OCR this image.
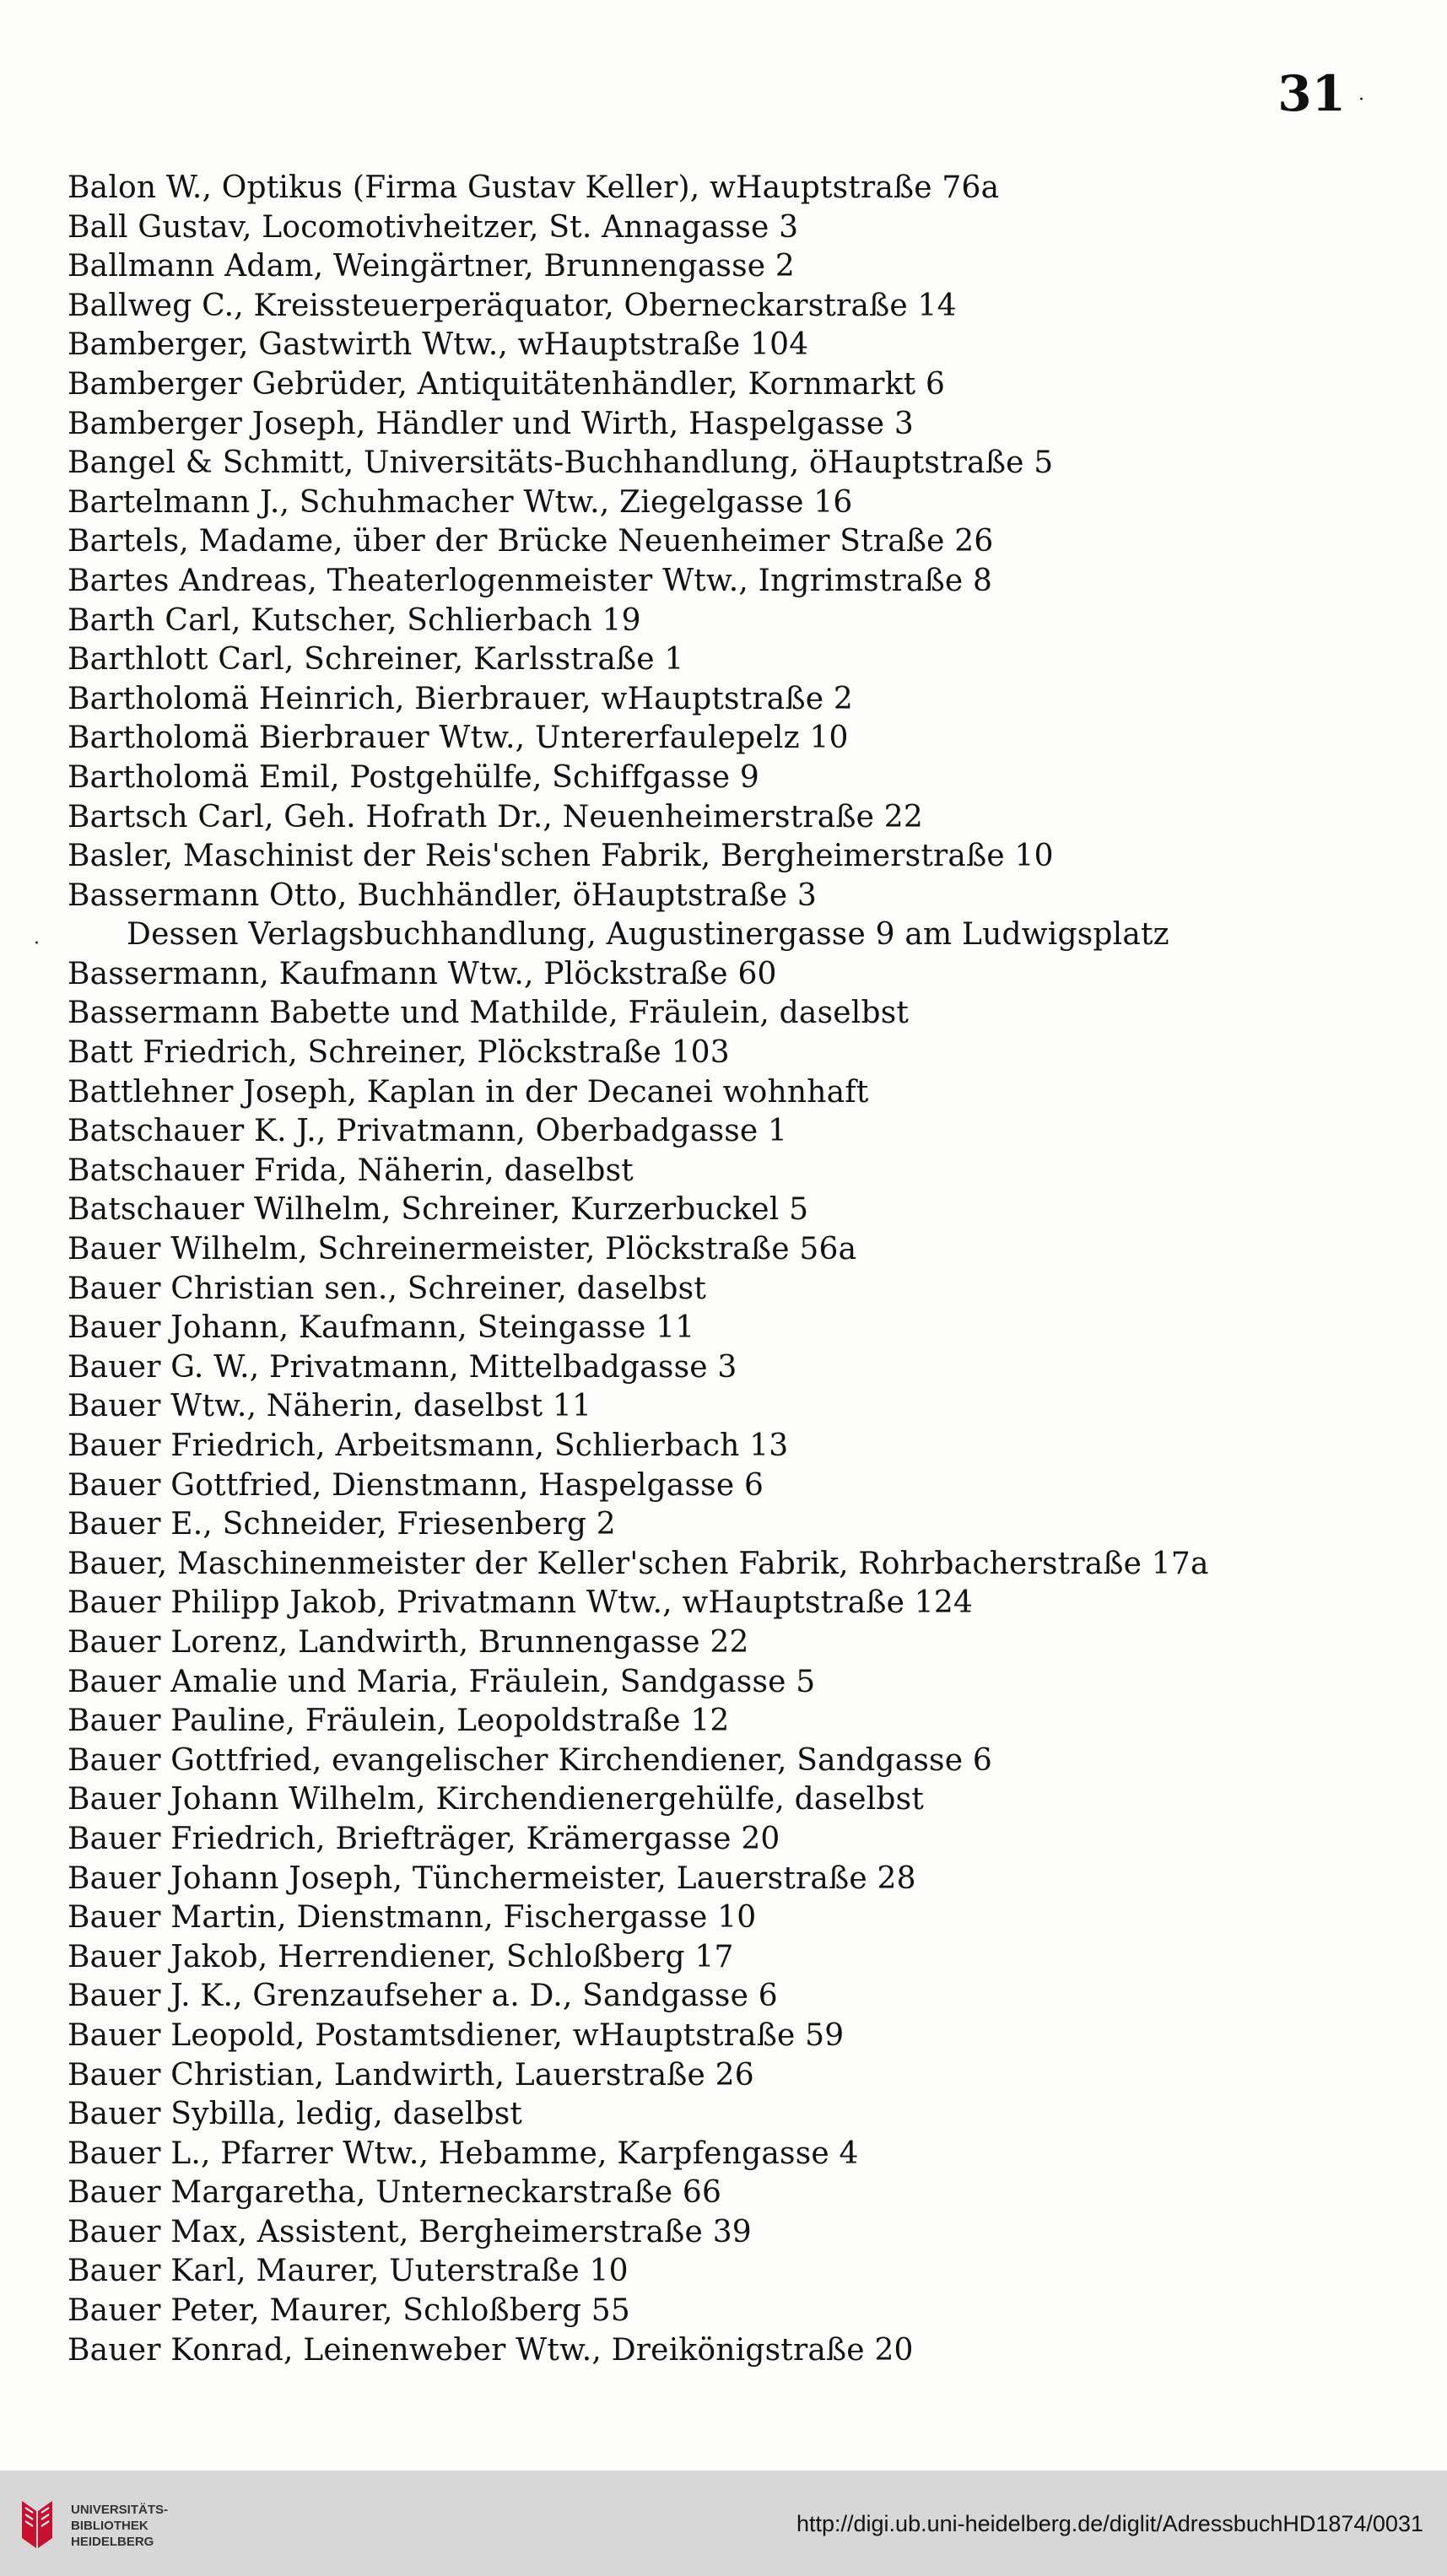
31 ·
·
Balon W., Optikus (Firma Gustav Keller), wHauptstraße 76a
Ball Gustav, Locomotivheitzer, St. Annagasse 3
Ballmann Adam, Weingärtner, Brunnengasse 2
Ballweg C., Kreissteuerperäquator, Oberneckarstraße 14
Bamberger, Gastwirth Wtw., wHauptstraße 104
Bamberger Gebrüder, Antiquitätenhändler, Kornmarkt 6
Bamberger Joseph, Händler und Wirth, Haspelgasse 3
Bangel & Schmitt, Universitäts-Buchhandlung, öHauptstraße 5
Bartelmann J., Schuhmacher Wtw., Ziegelgasse 16
Bartels, Madame, über der Brücke Neuenheimer Straße 26
Bartes Andreas, Theaterlogenmeister Wtw., Ingrimstraße 8
Barth Carl, Kutscher, Schlierbach 19
Barthlott Carl, Schreiner, Karlsstraße 1
Bartholomä Heinrich, Bierbrauer, wHauptstraße 2
Bartholomä Bierbrauer Wtw., Untererfaulepelz 10
Bartholomä Emil, Postgehülfe, Schiffgasse 9
Bartsch Carl, Geh. Hofrath Dr., Neuenheimerstraße 22
Basler, Maschinist der Reis'schen Fabrik, Bergheimerstraße 10
Bassermann Otto, Buchhändler, öHauptstraße 3
Dessen Verlagsbuchhandlung, Augustinergasse 9 am Ludwigsplatz
Bassermann, Kaufmann Wtw., Plöckstraße 60
Bassermann Babette und Mathilde, Fräulein, daselbst
Batt Friedrich, Schreiner, Plöckstraße 103
Battlehner Joseph, Kaplan in der Decanei wohnhaft
Batschauer K. J., Privatmann, Oberbadgasse 1
Batschauer Frida, Näherin, daselbst
Batschauer Wilhelm, Schreiner, Kurzerbuckel 5
Bauer Wilhelm, Schreinermeister, Plöckstraße 56a
Bauer Christian sen., Schreiner, daselbst
Bauer Johann, Kaufmann, Steingasse 11
Bauer G. W., Privatmann, Mittelbadgasse 3
Bauer Wtw., Näherin, daselbst 11
Bauer Friedrich, Arbeitsmann, Schlierbach 13
Bauer Gottfried, Dienstmann, Haspelgasse 6
Bauer E., Schneider, Friesenberg 2
Bauer, Maschinenmeister der Keller'schen Fabrik, Rohrbacherstraße 17a
Bauer Philipp Jakob, Privatmann Wtw., wHauptstraße 124
Bauer Lorenz, Landwirth, Brunnengasse 22
Bauer Amalie und Maria, Fräulein, Sandgasse 5
Bauer Pauline, Fräulein, Leopoldstraße 12
Bauer Gottfried, evangelischer Kirchendiener, Sandgasse 6
Bauer Johann Wilhelm, Kirchendienergehülfe, daselbst
Bauer Friedrich, Briefträger, Krämergasse 20
Bauer Johann Joseph, Tünchermeister, Lauerstraße 28
Bauer Martin, Dienstmann, Fischergasse 10
Bauer Jakob, Herrendiener, Schloßberg 17
Bauer J. K., Grenzaufseher a. D., Sandgasse 6
Bauer Leopold, Postamtsdiener, wHauptstraße 59
Bauer Christian, Landwirth, Lauerstraße 26
Bauer Sybilla, ledig, daselbst
Bauer L., Pfarrer Wtw., Hebamme, Karpfengasse 4
Bauer Margaretha, Unterneckarstraße 66
Bauer Max, Assistent, Bergheimerstraße 39
Bauer Karl, Maurer, Uuterstraße 10
Bauer Peter, Maurer, Schloßberg 55
Bauer Konrad, Leinenweber Wtw., Dreikönigstraße 20
UNIVERSITÄTS-
BIBLIOTHEK
HEIDELBERG
http://digi.ub.uni-heidelberg.de/diglit/AdressbuchHD1874/0031
